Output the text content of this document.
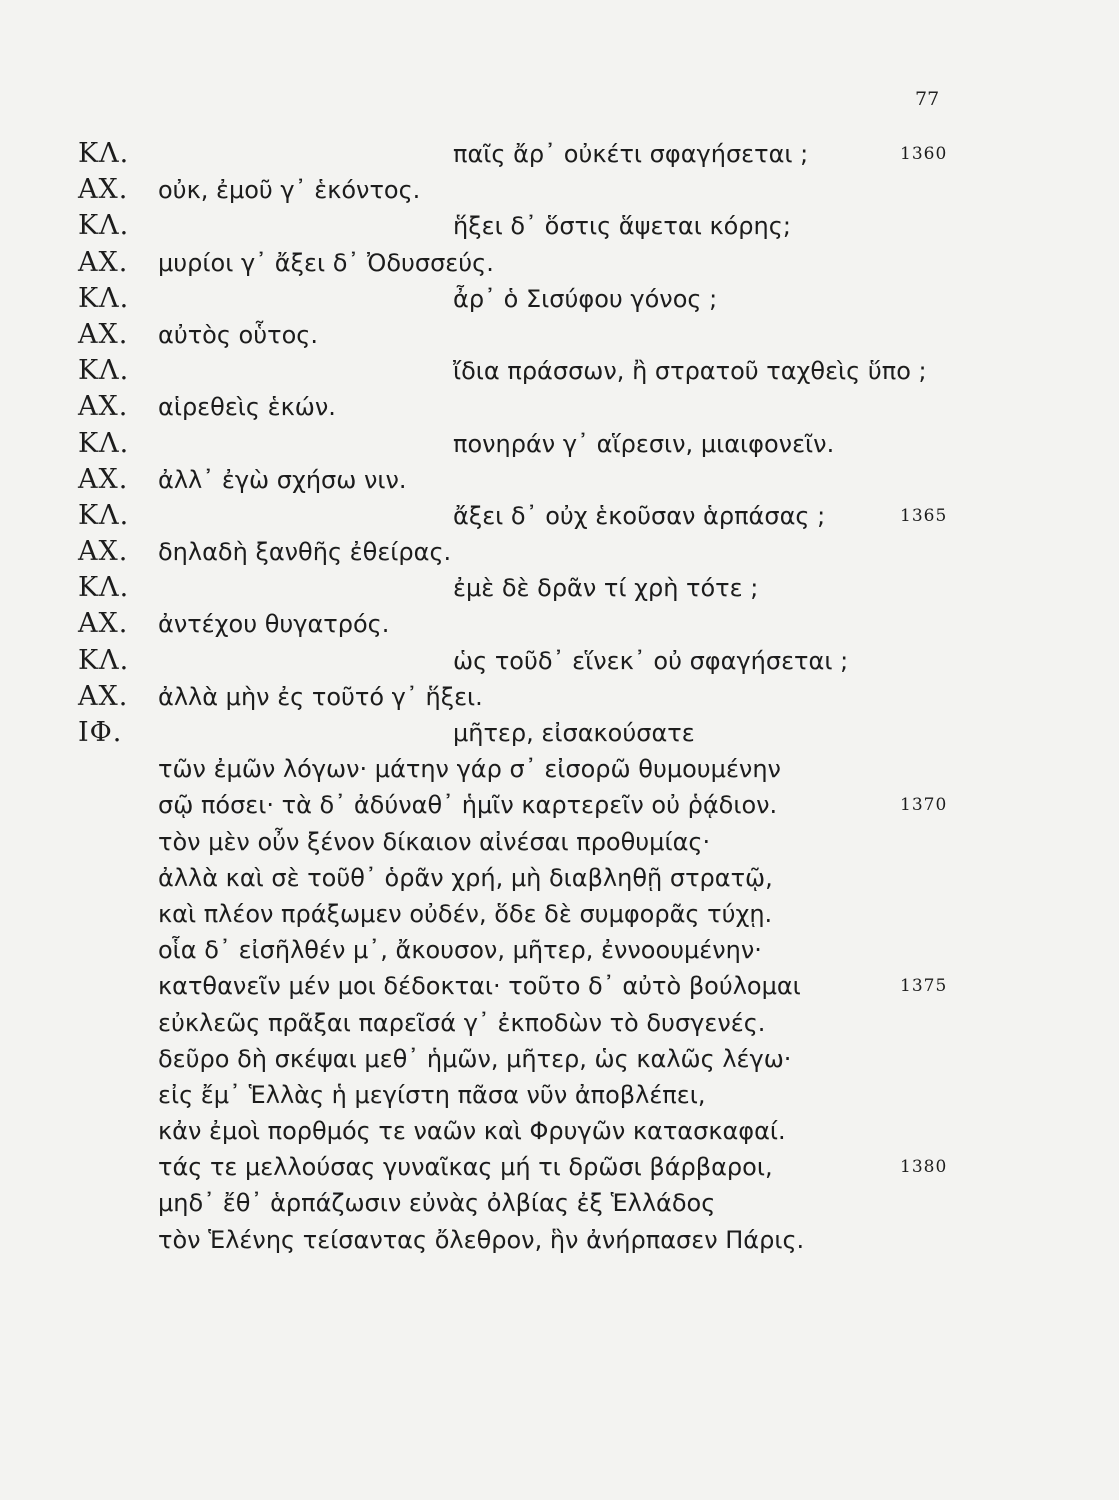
77
ΚΛ.	παῖς ἄρ᾽ οὐκέτι σφαγήσεται ;	1360
ΑΧ. οὐκ, ἐμοῦ γ᾽ ἑκόντος.
ΚΛ.	ἥξει δ᾽ ὅστις ἅψεται κόρης;
ΑΧ. μυρίοι γ᾽ ἄξει δ᾽ Ὀδυσσεύς.
ΚΛ.	ἆρ᾽ ὁ Σισύφου γόνος ;
ΑΧ. αὐτὸς οὗτος.
ΚΛ.	ἴδια πράσσων, ἢ στρατοῦ ταχθεὶς ὕπο ;
ΑΧ. αἱρεθεὶς ἑκών.
ΚΛ.	πονηράν γ᾽ αἵρεσιν, μιαιφονεῖν.
ΑΧ. ἀλλ᾽ ἐγὼ σχήσω νιν.
ΚΛ.	ἄξει δ᾽ οὐχ ἑκοῦσαν ἁρπάσας ;	1365
ΑΧ. δηλαδὴ ξανθῆς ἐθείρας.
ΚΛ.	ἐμὲ δὲ δρᾶν τί χρὴ τότε ;
ΑΧ. ἀντέχου θυγατρός.
ΚΛ.	ὡς τοῦδ᾽ εἵνεκ᾽ οὐ σφαγήσεται ;
ΑΧ. ἀλλὰ μὴν ἐς τοῦτό γ᾽ ἥξει.
ΙΦ.	μῆτερ, εἰσακούσατε
τῶν ἐμῶν λόγων· μάτην γάρ σ᾽ εἰσορῶ θυμουμένην
σῷ πόσει· τὰ δ᾽ ἀδύναθ᾽ ἡμῖν καρτερεῖν οὐ ῥᾴδιον.	1370
τὸν μὲν οὖν ξένον δίκαιον αἰνέσαι προθυμίας·
ἀλλὰ καὶ σὲ τοῦθ᾽ ὁρᾶν χρή, μὴ διαβληθῇ στρατῷ,
καὶ πλέον πράξωμεν οὐδέν, ὅδε δὲ συμφορᾶς τύχῃ.
οἷα δ᾽ εἰσῆλθέν μ᾽, ἄκουσον, μῆτερ, ἐννοουμένην·
κατθανεῖν μέν μοι δέδοκται· τοῦτο δ᾽ αὐτὸ βούλομαι	1375
εὐκλεῶς πρᾶξαι παρεῖσά γ᾽ ἐκποδὼν τὸ δυσγενές.
δεῦρο δὴ σκέψαι μεθ᾽ ἡμῶν, μῆτερ, ὡς καλῶς λέγω·
εἰς ἔμ᾽ Ἑλλὰς ἡ μεγίστη πᾶσα νῦν ἀποβλέπει,
κἀν ἐμοὶ πορθμός τε ναῶν καὶ Φρυγῶν κατασκαφαί.
τάς τε μελλούσας γυναῖκας μή τι δρῶσι βάρβαροι,	1380
μηδ᾽ ἔθ᾽ ἁρπάζωσιν εὐνὰς ὀλβίας ἐξ Ἑλλάδος
τὸν Ἑλένης τείσαντας ὄλεθρον, ἣν ἀνήρπασεν Πάρις.
